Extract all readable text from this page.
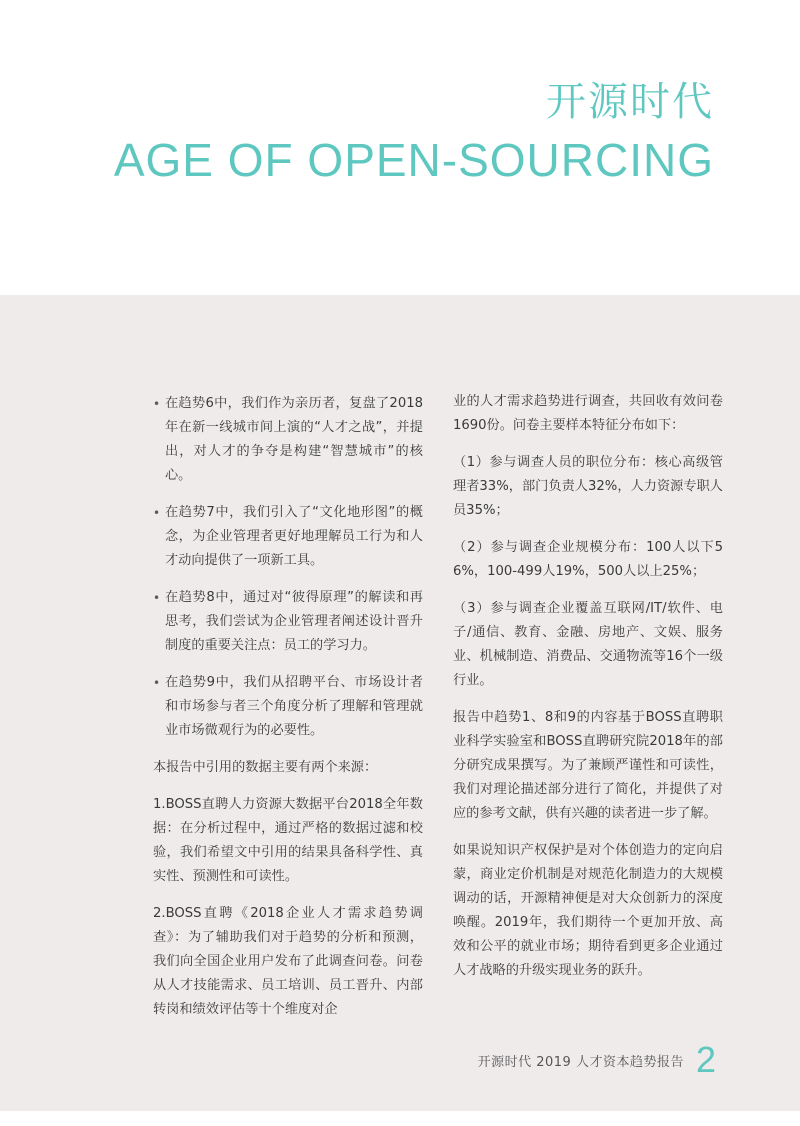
开源时代
AGE OF OPEN-SOURCING

• 在趋势6中，我们作为亲历者，复盘了2018年在新一线城市间上演的“人才之战”，并提出，对人才的争夺是构建“智慧城市”的核心。

• 在趋势7中，我们引入了“文化地形图”的概念，为企业管理者更好地理解员工行为和人才动向提供了一项新工具。

• 在趋势8中，通过对“彼得原理”的解读和再思考，我们尝试为企业管理者阐述设计晋升制度的重要关注点：员工的学习力。

• 在趋势9中，我们从招聘平台、市场设计者和市场参与者三个角度分析了理解和管理就业市场微观行为的必要性。

本报告中引用的数据主要有两个来源：

1.BOSS直聘人力资源大数据平台2018全年数据：在分析过程中，通过严格的数据过滤和校验，我们希望文中引用的结果具备科学性、真实性、预测性和可读性。

2.BOSS直聘《2018企业人才需求趋势调查》：为了辅助我们对于趋势的分析和预测，我们向全国企业用户发布了此调查问卷。问卷从人才技能需求、员工培训、员工晋升、内部转岗和绩效评估等十个维度对企

业的人才需求趋势进行调查，共回收有效问卷1690份。问卷主要样本特征分布如下：

（1）参与调查人员的职位分布：核心高级管理者33%，部门负责人32%，人力资源专职人员35%；

（2）参与调查企业规模分布：100人以下56%，100-499人19%，500人以上25%；

（3）参与调查企业覆盖互联网/IT/软件、电子/通信、教育、金融、房地产、文娱、服务业、机械制造、消费品、交通物流等16个一级行业。

报告中趋势1、8和9的内容基于BOSS直聘职业科学实验室和BOSS直聘研究院2018年的部分研究成果撰写。为了兼顾严谨性和可读性，我们对理论描述部分进行了简化，并提供了对应的参考文献，供有兴趣的读者进一步了解。

如果说知识产权保护是对个体创造力的定向启蒙，商业定价机制是对规范化制造力的大规模调动的话，开源精神便是对大众创新力的深度唤醒。2019年，我们期待一个更加开放、高效和公平的就业市场；期待看到更多企业通过人才战略的升级实现业务的跃升。

开源时代 2019 人才资本趋势报告 2
